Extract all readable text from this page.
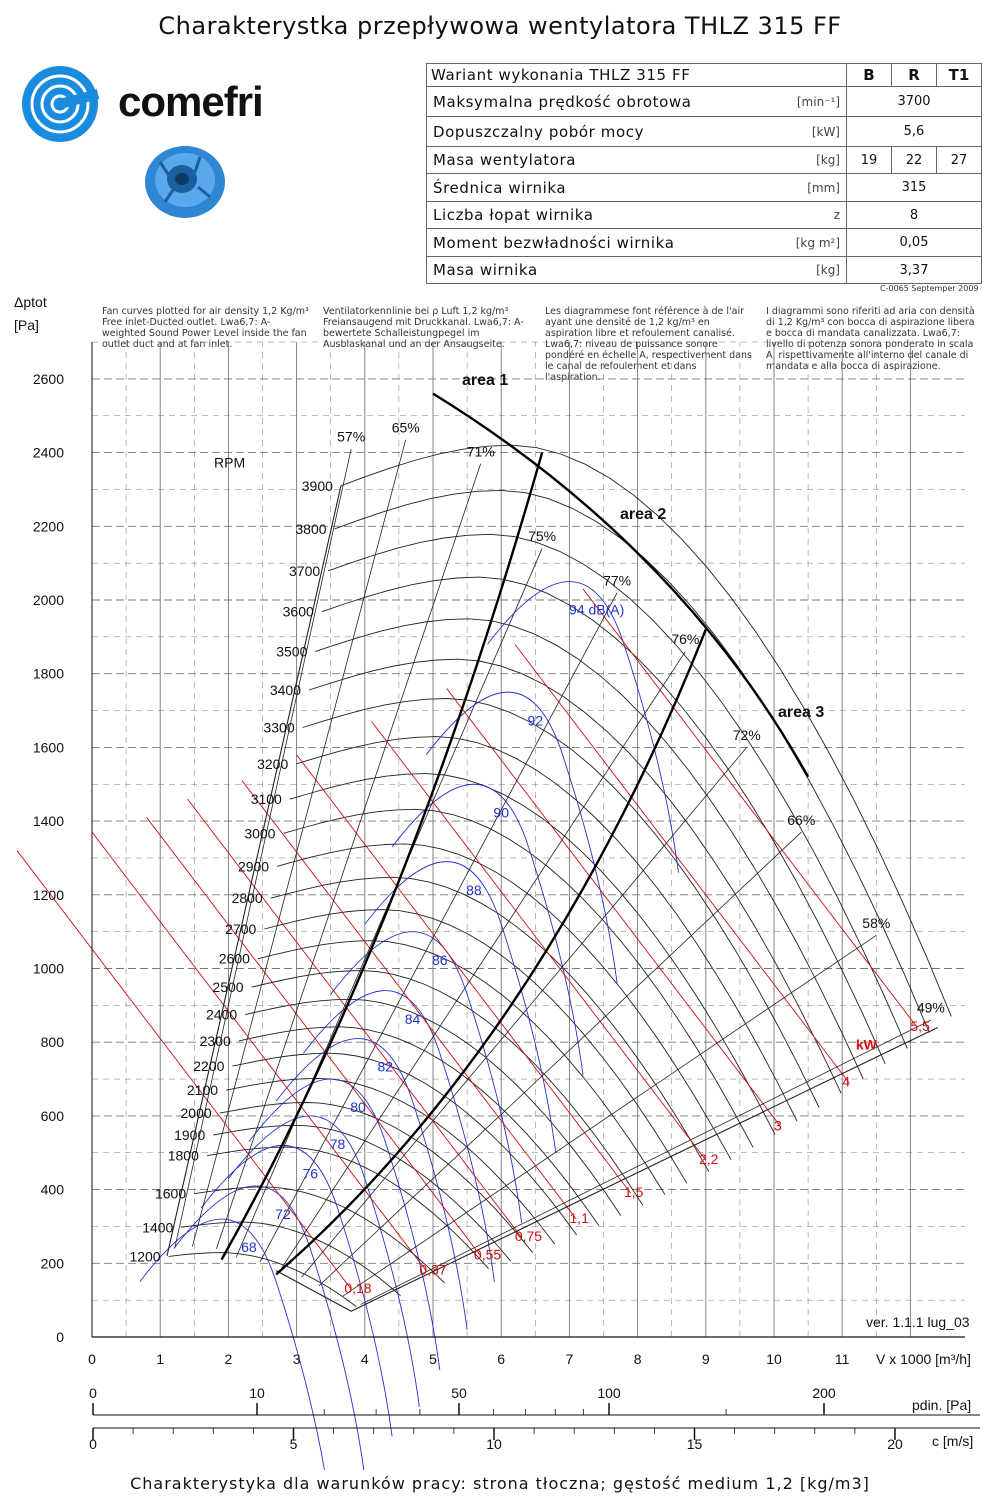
Charakterystka przepływowa wentylatora THLZ 315 FF
comefri
Wariant wykonania THLZ 315 FF		B	R	T1
Maksymalna prędkość obrotowa	[min⁻¹]	3700		
Dopuszczalny pobór mocy	[kW]	5,6		
Masa wentylatora	[kg]	19	22	27
Średnica wirnika	[mm]	315		
Liczba łopat wirnika	z	8		
Moment bezwładności wirnika	[kg m²]	0,05		
Masa wirnika	[kg]	3,37		
C-0065 Septemper 2009
Fan curves plotted for air density 1,2 Kg/m³ Free inlet-Ducted outlet. Lwa6,7: A-weighted Sound Power Level inside the fan outlet duct and at fan inlet.
Ventilatorkennlinie bei ρ Luft 1,2 kg/m³ Freiansaugend mit Druckkanal. Lwa6,7: A-bewertete Schalleistungpegel im Ausblaskanal und an der Ansaugseite.
Les diagrammese font référence à de l'air ayant une densité de 1,2 kg/m³ en aspiration libre et refoulement canalisé. Lwa6,7: niveau de puissance sonore pondéré en échelle A, respectivement dans le canal de refoulement et dans l'aspiration.
I diagrammi sono riferiti ad aria con densità di 1,2 Kg/m³ con bocca di aspirazione libera e bocca di mandata canalizzata. Lwa6,7: livello di potenza sonora ponderato in scala A, rispettivamente all'interno del canale di mandata e alla bocca di aspirazione.
1200
1400
1600
1800
1900
2000
2100
2200
2300
2400
2500
2600
2700
2800
2900
3000
3100
3200
3300
3400
3500
3600
3700
3800
3900
RPM
94 dB(A)
92
90
88
86
84
82
80
78
76
72
68
0,18
0,37
0,55
0,75
1,1
1,5
2,2
3
4
5,5
kW
57%
65%
71%
75%
77%
76%
72%
66%
58%
49%
area 1
area 2
area 3
ver. 1.1.1 lug_03
0
200
400
600
800
1000
1200
1400
1600
1800
2000
2200
2400
2600
0	1	2	3	4	5	6	7	8	9	10	11
Δptot
[Pa]
V x 1000 [m³/h]
0	10	50	100	200
pdin. [Pa]
0	5	10	15	20 c [m/s]
Charakterystyka dla warunków pracy: strona tłoczna; gęstość medium 1,2 [kg/m3]
